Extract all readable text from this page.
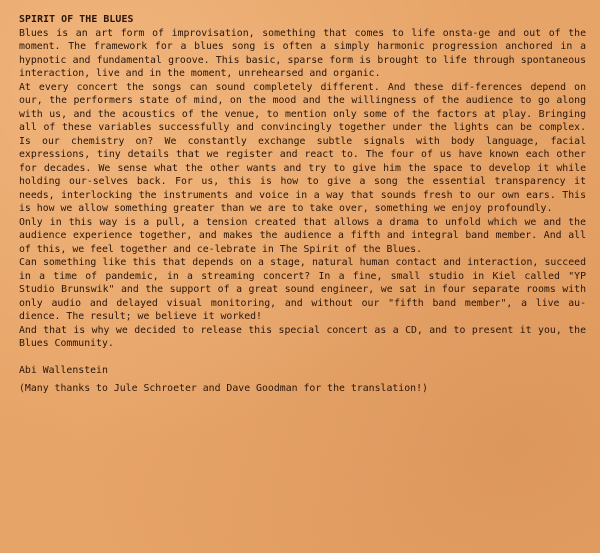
SPIRIT OF THE BLUES

Blues is an art form of improvisation, something that comes to life onsta-ge and out of the moment. The framework for a blues song is often a simply harmonic progression anchored in a hypnotic and fundamental groove. This basic, sparse form is brought to life through spontaneous interaction, live and in the moment, unrehearsed and organic.

At every concert the songs can sound completely different. And these dif-ferences depend on our, the performers state of mind, on the mood and the willingness of the audience to go along with us, and the acoustics of the venue, to mention only some of the factors at play. Bringing all of these variables successfully and convincingly together under the lights can be complex. Is our chemistry on? We constantly exchange subtle signals with body language, facial expressions, tiny details that we register and react to. The four of us have known each other for decades. We sense what the other wants and try to give him the space to develop it while holding our-selves back. For us, this is how to give a song the essential transparency it needs, interlocking the instruments and voice in a way that sounds fresh to our own ears. This is how we allow something greater than we are to take over, something we enjoy profoundly.

Only in this way is a pull, a tension created that allows a drama to unfold which we and the audience experience together, and makes the audience a fifth and integral band member. And all of this, we feel together and ce-lebrate in The Spirit of the Blues.

Can something like this that depends on a stage, natural human contact and interaction, succeed in a time of pandemic, in a streaming concert? In a fine, small studio in Kiel called "YP Studio Brunswik" and the support of a great sound engineer, we sat in four separate rooms with only audio and delayed visual monitoring, and without our "fifth band member", a live au-dience. The result; we believe it worked!

And that is why we decided to release this special concert as a CD, and to present it you, the Blues Community.

Abi Wallenstein

(Many thanks to Jule Schroeter and Dave Goodman for the translation!)
